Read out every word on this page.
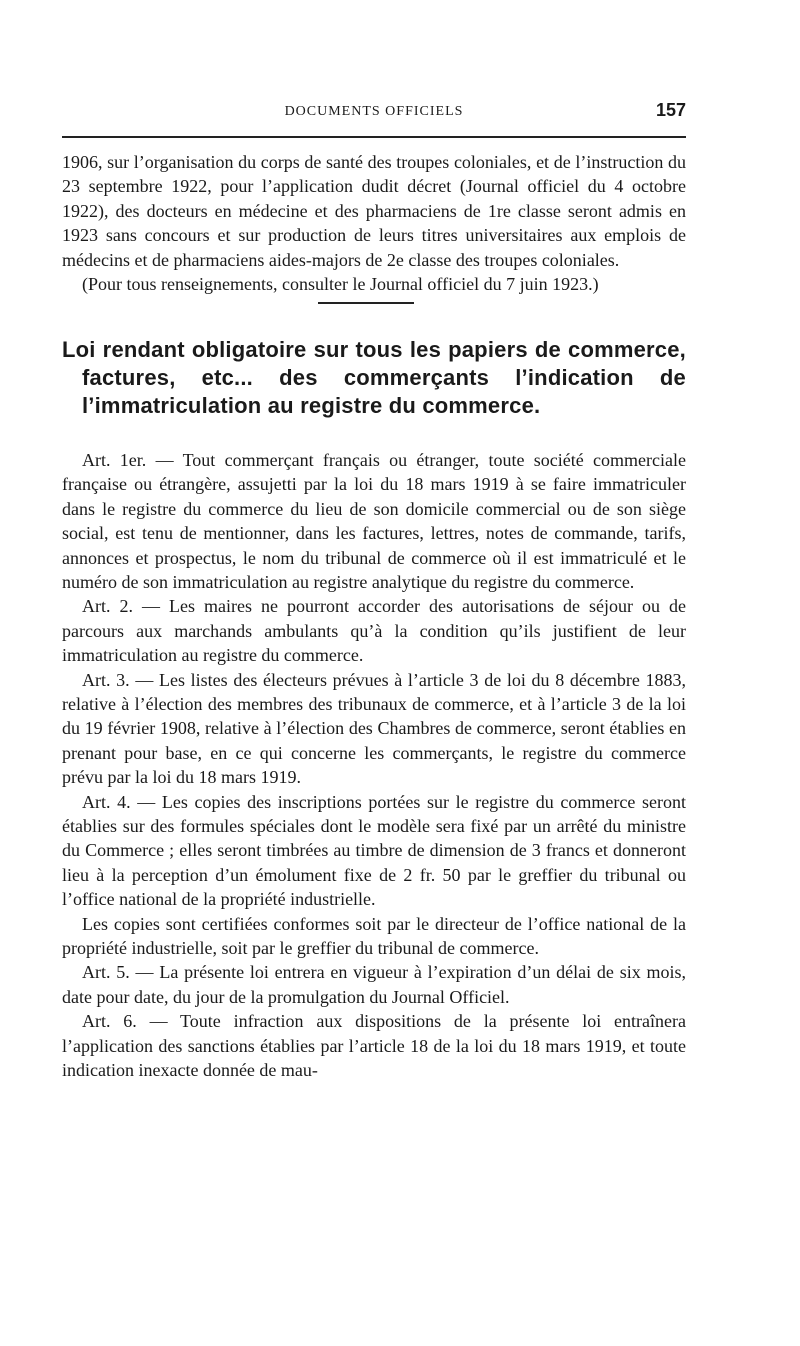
DOCUMENTS OFFICIELS	157

1906, sur l’organisation du corps de santé des troupes coloniales, et de l’instruction du 23 septembre 1922, pour l’application dudit décret (Journal officiel du 4 octobre 1922), des docteurs en médecine et des pharmaciens de 1re classe seront admis en 1923 sans concours et sur production de leurs titres universitaires aux emplois de médecins et de pharmaciens aides-majors de 2e classe des troupes coloniales.

(Pour tous renseignements, consulter le Journal officiel du 7 juin 1923.)

Loi rendant obligatoire sur tous les papiers de commerce, factures, etc... des commerçants l’indication de l’immatriculation au registre du commerce.

Art. 1er. — Tout commerçant français ou étranger, toute société commerciale française ou étrangère, assujetti par la loi du 18 mars 1919 à se faire immatriculer dans le registre du commerce du lieu de son domicile commercial ou de son siège social, est tenu de mentionner, dans les factures, lettres, notes de commande, tarifs, annonces et prospectus, le nom du tribunal de commerce où il est immatriculé et le numéro de son immatriculation au registre analytique du registre du commerce.

Art. 2. — Les maires ne pourront accorder des autorisations de séjour ou de parcours aux marchands ambulants qu’à la condition qu’ils justifient de leur immatriculation au registre du commerce.

Art. 3. — Les listes des électeurs prévues à l’article 3 de loi du 8 décembre 1883, relative à l’élection des membres des tribunaux de commerce, et à l’article 3 de la loi du 19 février 1908, relative à l’élection des Chambres de commerce, seront établies en prenant pour base, en ce qui concerne les commerçants, le registre du commerce prévu par la loi du 18 mars 1919.

Art. 4. — Les copies des inscriptions portées sur le registre du commerce seront établies sur des formules spéciales dont le modèle sera fixé par un arrêté du ministre du Commerce ; elles seront timbrées au timbre de dimension de 3 francs et donneront lieu à la perception d’un émolument fixe de 2 fr. 50 par le greffier du tribunal ou l’office national de la propriété industrielle.

Les copies sont certifiées conformes soit par le directeur de l’office national de la propriété industrielle, soit par le greffier du tribunal de commerce.

Art. 5. — La présente loi entrera en vigueur à l’expiration d’un délai de six mois, date pour date, du jour de la promulgation du Journal Officiel.

Art. 6. — Toute infraction aux dispositions de la présente loi entraînera l’application des sanctions établies par l’article 18 de la loi du 18 mars 1919, et toute indication inexacte donnée de mau-
